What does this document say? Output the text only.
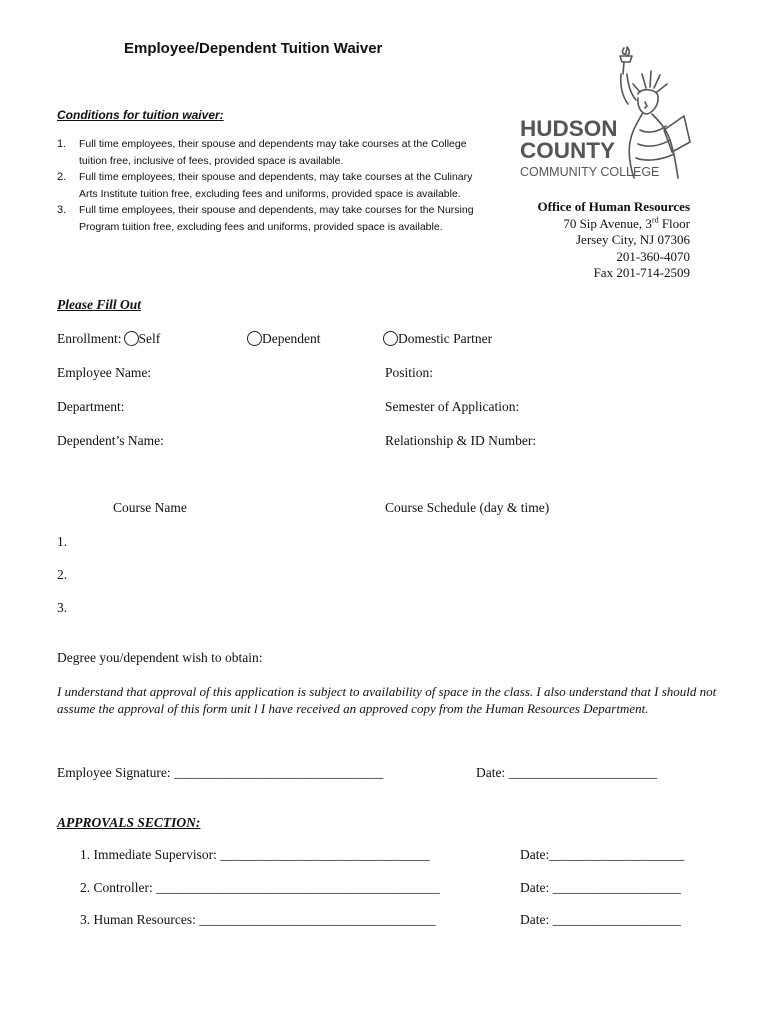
Employee/Dependent Tuition Waiver
Conditions for tuition waiver:
1. Full time employees, their spouse and dependents may take courses at the College tuition free, inclusive of fees, provided space is available.
2. Full time employees, their spouse and dependents, may take courses at the Culinary Arts Institute tuition free, excluding fees and uniforms, provided space is available.
3. Full time employees, their spouse and dependents, may take courses for the Nursing Program tuition free, excluding fees and uniforms, provided space is available.
HUDSON
COUNTY
COMMUNITY COLLEGE
Office of Human Resources
70 Sip Avenue, 3rd Floor
Jersey City, NJ 07306
201-360-4070
Fax 201-714-2509
Please Fill Out
Enrollment: Self	Dependent	Domestic Partner
Employee Name:	Position:
Department:	Semester of Application:
Dependent’s Name:	Relationship & ID Number:
Course Name	Course Schedule (day & time)
1.
2.
3.
Degree you/dependent wish to obtain:
I understand that approval of this application is subject to availability of space in the class. I also understand that I should not assume the approval of this form unit l I have received an approved copy from the Human Resources Department.
Employee Signature: _______________________________	Date: ______________________
APPROVALS SECTION:
1. Immediate Supervisor: _______________________________	Date:____________________
2. Controller: __________________________________________	Date: ___________________
3. Human Resources: ___________________________________	Date: ___________________
